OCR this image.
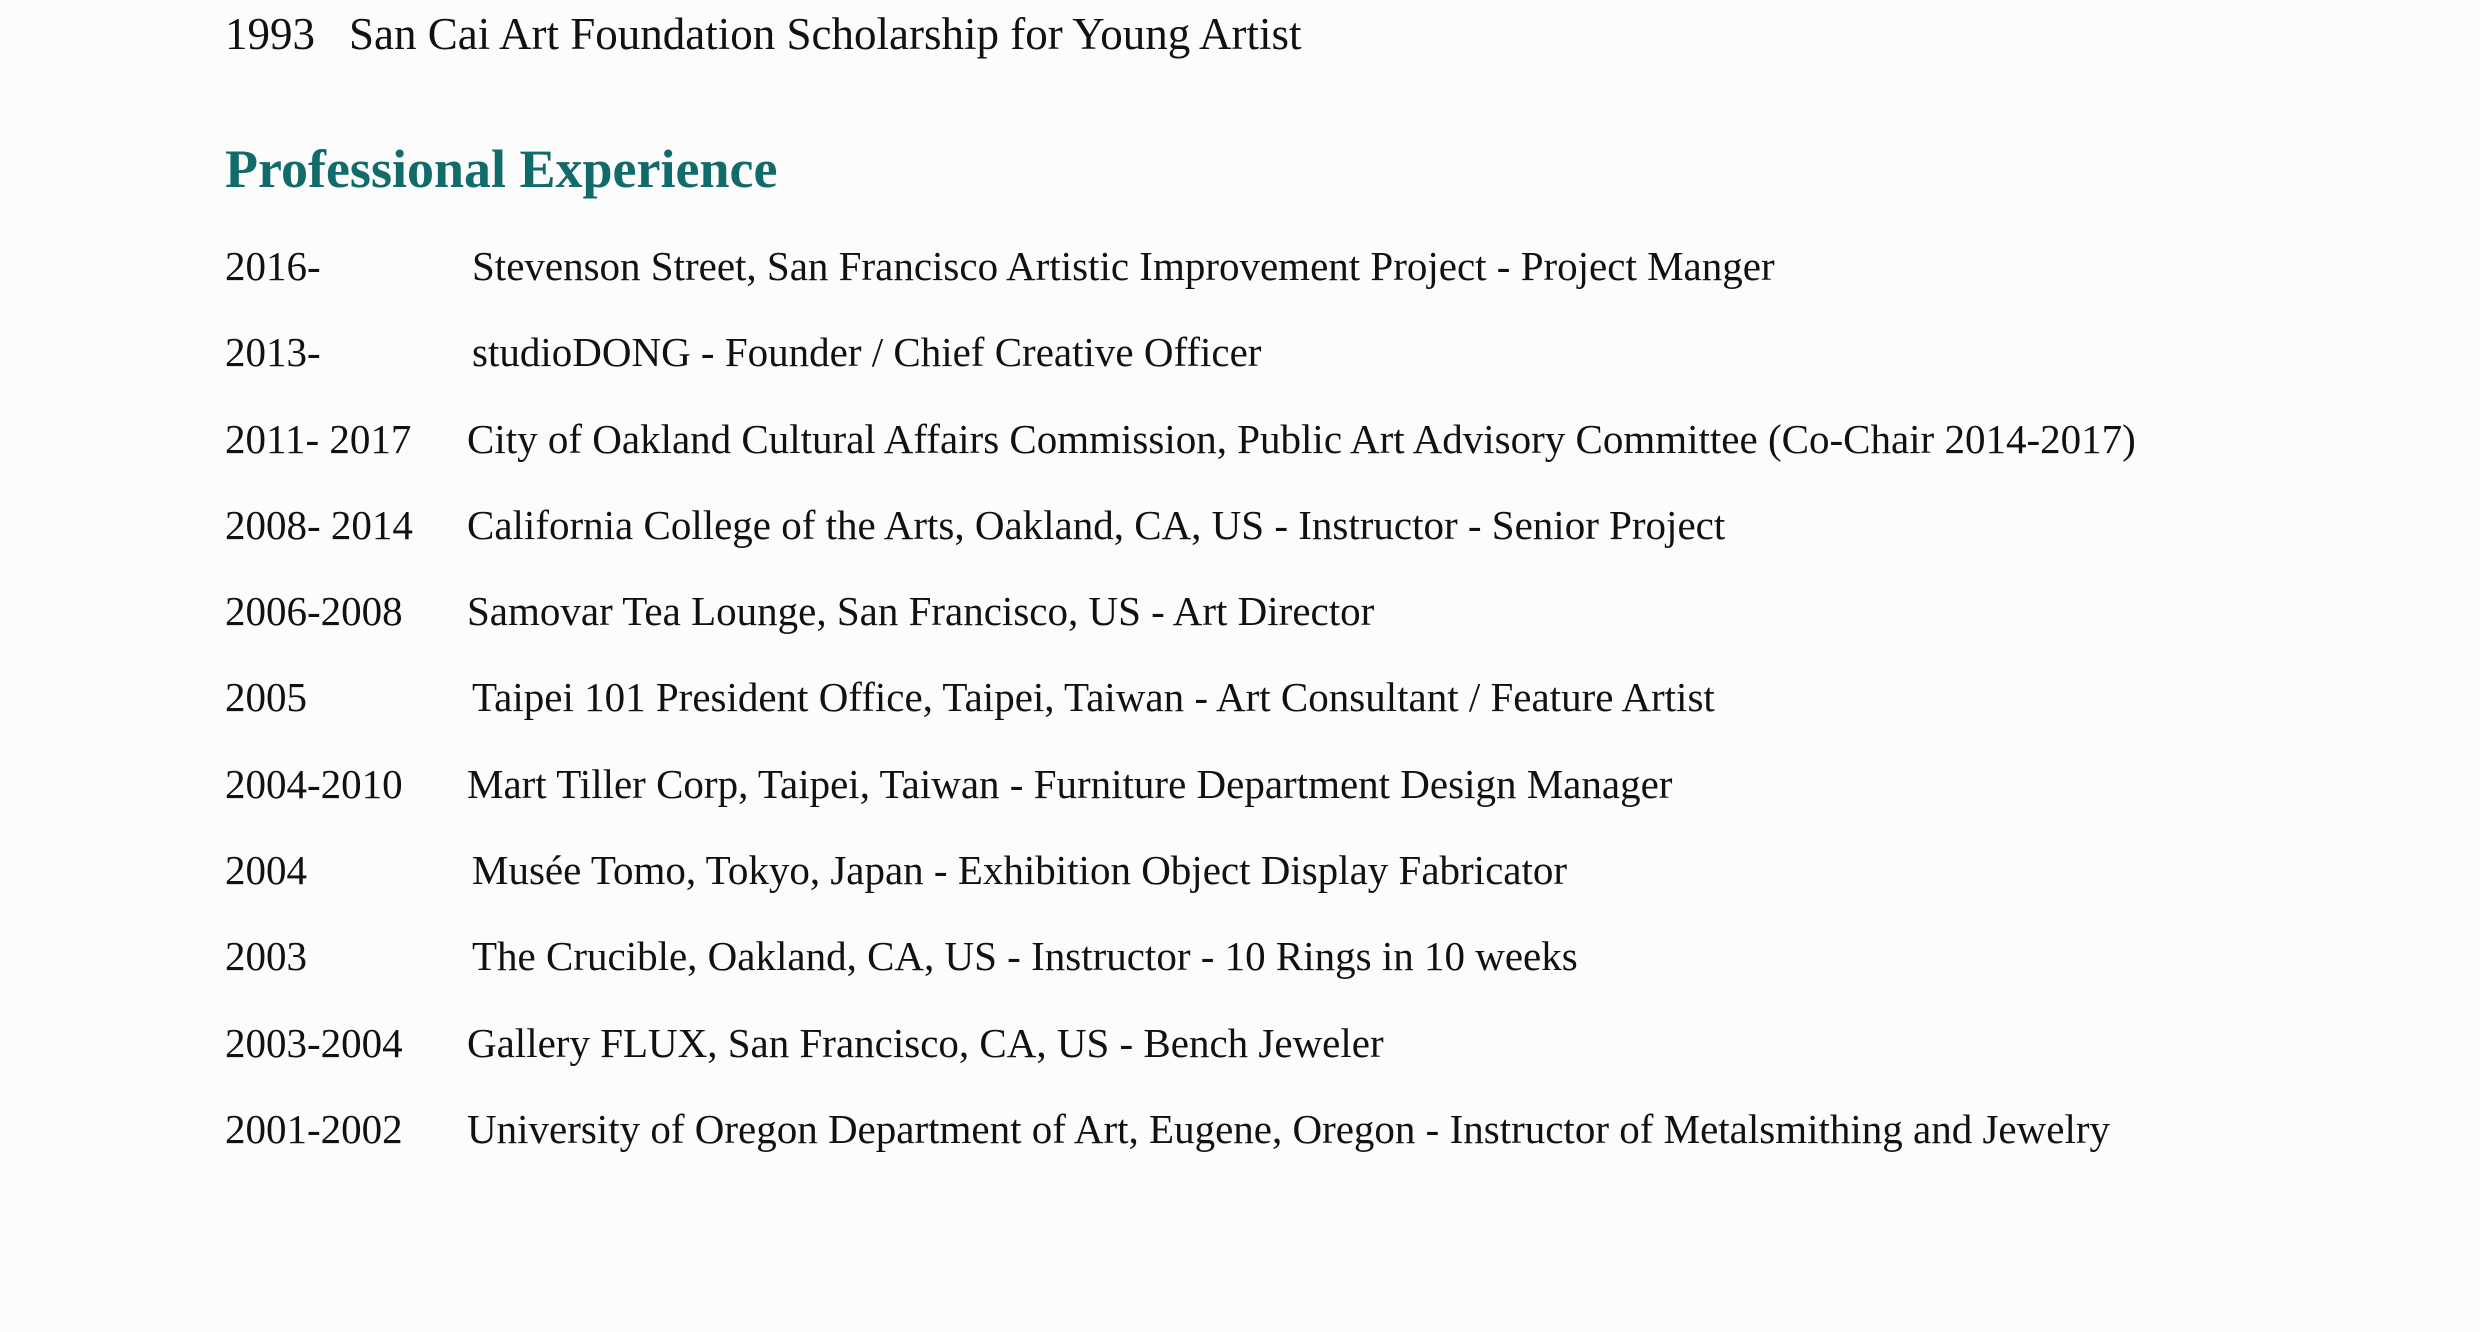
1993 San Cai Art Foundation Scholarship for Young Artist
Professional Experience
2016-	Stevenson Street, San Francisco Artistic Improvement Project - Project Manger
2013-	studioDONG - Founder / Chief Creative Officer
2011- 2017 City of Oakland Cultural Affairs Commission, Public Art Advisory Committee (Co-Chair 2014-2017)
2008- 2014 California College of the Arts, Oakland, CA, US - Instructor - Senior Project
2006-2008 Samovar Tea Lounge, San Francisco, US - Art Director
2005	Taipei 101 President Office, Taipei, Taiwan - Art Consultant / Feature Artist
2004-2010 Mart Tiller Corp, Taipei, Taiwan - Furniture Department Design Manager
2004	Musée Tomo, Tokyo, Japan - Exhibition Object Display Fabricator
2003	The Crucible, Oakland, CA, US - Instructor - 10 Rings in 10 weeks
2003-2004 Gallery FLUX, San Francisco, CA, US - Bench Jeweler
2001-2002 University of Oregon Department of Art, Eugene, Oregon - Instructor of Metalsmithing and Jewelry
